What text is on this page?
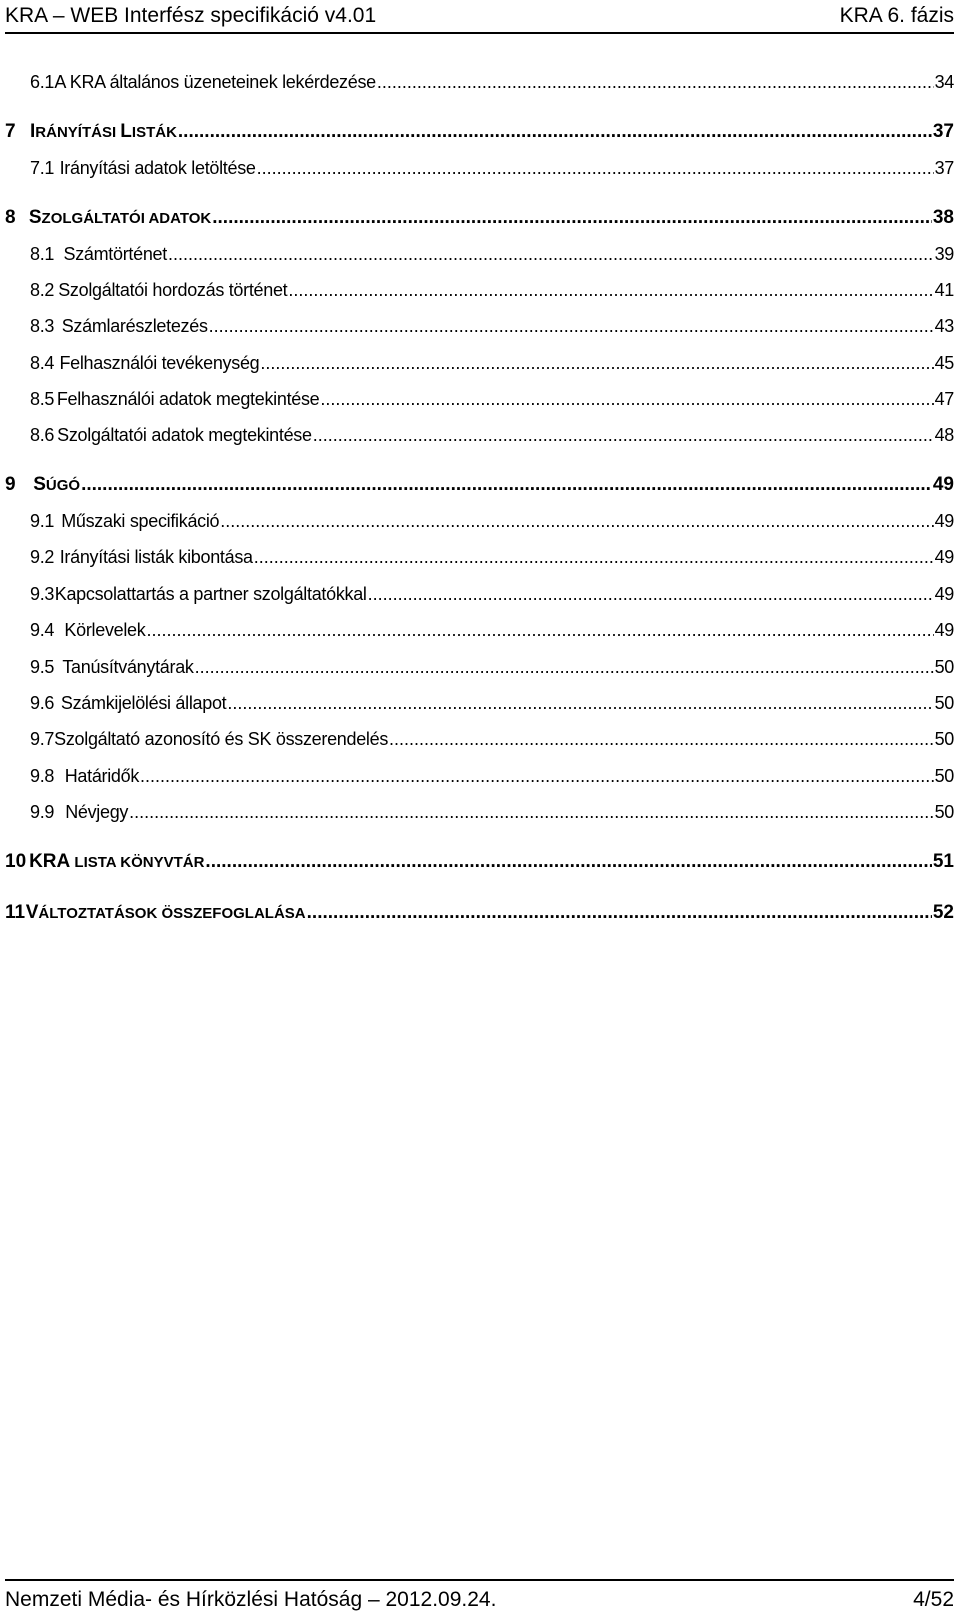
KRA – WEB Interfész specifikáció v4.01	KRA 6. fázis
6.1 A KRA általános üzeneteinek lekérdezése .....	34
7 IRÁNYÍTÁSI LISTÁK .....	37
7.1 Irányítási adatok letöltése .....	37
8 SZOLGÁLTATÓI ADATOK .....	38
8.1 Számtörténet .....	39
8.2 Szolgáltatói hordozás történet .....	41
8.3 Számlarészletezés .....	43
8.4 Felhasználói tevékenység .....	45
8.5 Felhasználói adatok megtekintése .....	47
8.6 Szolgáltatói adatok megtekintése .....	48
9 SÚGÓ .....	49
9.1 Műszaki specifikáció .....	49
9.2 Irányítási listák kibontása .....	49
9.3 Kapcsolattartás a partner szolgáltatókkal .....	49
9.4 Körlevelek .....	49
9.5 Tanúsítványtárak .....	50
9.6 Számkijelölési állapot .....	50
9.7 Szolgáltató azonosító és SK összerendelés .....	50
9.8 Határidők .....	50
9.9 Névjegy .....	50
10 KRA LISTA KÖNYVTÁR .....	51
11 VÁLTOZTATÁSOK ÖSSZEFOGLALÁSA .....	52
Nemzeti Média- és Hírközlési Hatóság – 2012.09.24.	4/52
